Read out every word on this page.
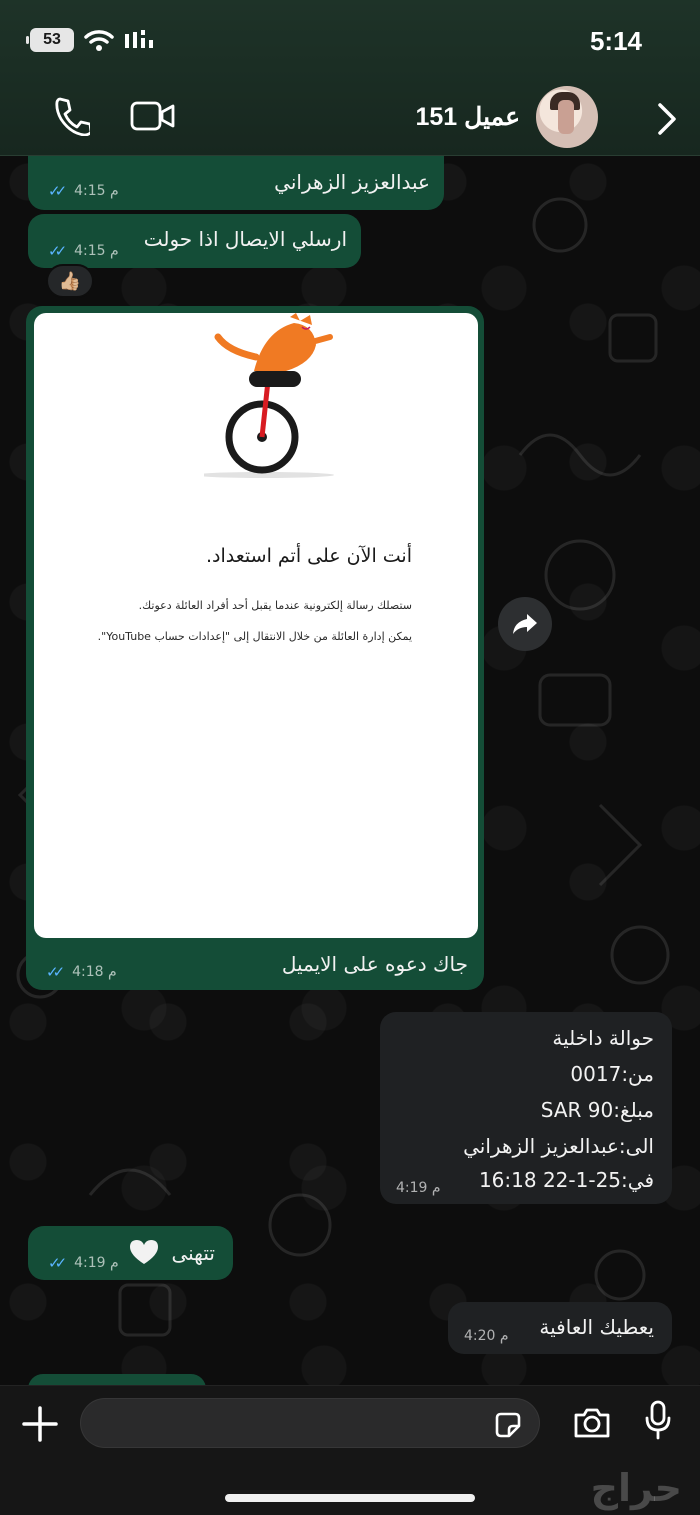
53	5:14
عميل 151
عبدالعزيز الزهراني
✓✓ 4:15 م
ارسلي الايصال اذا حولت
✓✓ 4:15 م
👍🏼
جاك دعوه على الايميل
✓✓ 4:18 م
أنت الآن على أتم استعداد.
ستصلك رسالة إلكترونية عندما يقبل أحد أفراد العائلة دعوتك.
يمكن إدارة العائلة من خلال الانتقال إلى "إعدادات حساب YouTube".
حوالة داخلية
من:0017
مبلغ:SAR 90
الى:عبدالعزيز الزهراني
في:25-1-22 16:18
4:19 م
تتهنى
✓✓ 4:19 م
يعطيك العافية
4:20 م
حراج
